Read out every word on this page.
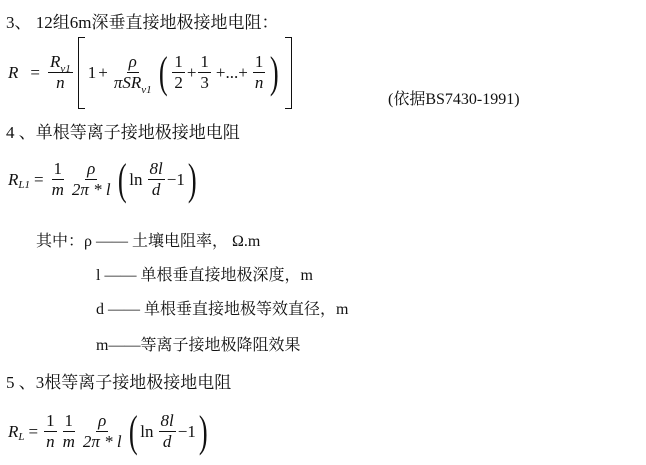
3、 12组6m深垂直接地极接地电阻：
$R = \frac{R_{v1}}{n} 1 + \frac{\rho}{\pi SR_{v1}}$ ( $\frac{1}{2} + \frac{1}{3}$ +...+ $\frac{1}{n}$ )
(依据BS7430-1991)
4 、单根等离子接地极接地电阻
R $L1 = \frac{1}{m} \frac{\rho}{2\pi * l}$ ( $\ln \frac{8l}{d} -1$ )
其中：ρ —— 土壤电阻率， Ω.m
l —— 单根垂直接地极深度，m
d —— 单根垂直接地极等效直径，m
m——等离子接地极降阻效果
5 、3根等离子接地极接地电阻
R $L = \frac{1}{n} \frac{1}{m} \frac{\rho}{2\pi * l}$ ( $\ln \frac{8l}{d} -1$ )
